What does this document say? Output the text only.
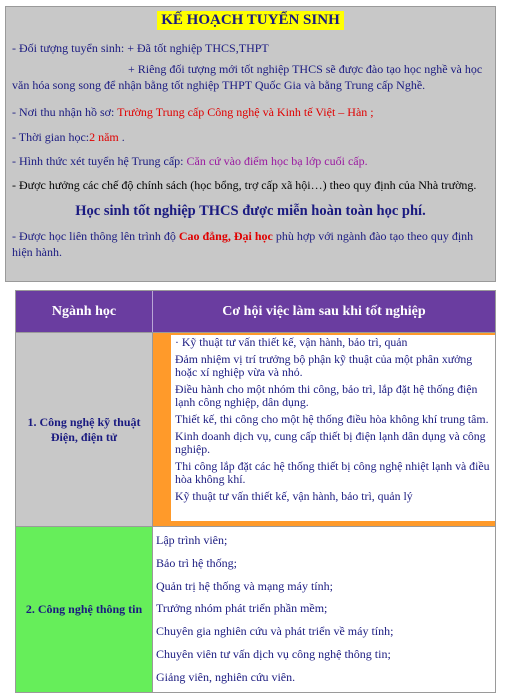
KẾ HOẠCH TUYỂN SINH
- Đối tượng tuyển sinh: + Đã tốt nghiệp THCS,THPT
+ Riêng đối tượng mới tốt nghiệp THCS sẽ được đào tạo học nghề và học
văn hóa song song để nhận bằng tốt nghiệp THPT Quốc Gia và bằng Trung cấp Nghề.
- Nơi thu nhận hồ sơ: Trường Trung cấp Công nghệ và Kinh tế Việt – Hàn ;
- Thời gian học:2 năm .
- Hình thức xét tuyển hệ Trung cấp: Căn cứ vào điểm học bạ lớp cuối cấp.
- Được hưởng các chế độ chính sách (học bổng, trợ cấp xã hội…) theo quy định của Nhà trường.
Học sinh tốt nghiệp THCS được miễn hoàn toàn học phí.
- Được học liên thông lên trình độ Cao đẳng, Đại học phù hợp với ngành đào tạo theo quy định
hiện hành.
Ngành học	Cơ hội việc làm sau khi tốt nghiệp
1. Công nghệ kỹ thuật Điện, điện tử
· Kỹ thuật tư vấn thiết kế, vận hành, bảo trì, quản
Đảm nhiệm vị trí trưởng bộ phận kỹ thuật của một phân xưởng hoặc xí nghiệp vừa và nhỏ.
Điều hành cho một nhóm thi công, bảo trì, lắp đặt hệ thống điện lạnh công nghiệp, dân dụng.
Thiết kế, thi công cho một hệ thống điều hòa không khí trung tâm.
Kinh doanh dịch vụ, cung cấp thiết bị điện lạnh dân dụng và công nghiệp.
Thi công lắp đặt các hệ thống thiết bị công nghệ nhiệt lạnh và điều hòa không khí.
Kỹ thuật tư vấn thiết kế, vận hành, bảo trì, quản lý
2. Công nghệ thông tin
Lập trình viên;
Bảo trì hệ thống;
Quản trị hệ thống và mạng máy tính;
Trưởng nhóm phát triển phần mềm;
Chuyên gia nghiên cứu và phát triển về máy tính;
Chuyên viên tư vấn dịch vụ công nghệ thông tin;
Giảng viên, nghiên cứu viên.
